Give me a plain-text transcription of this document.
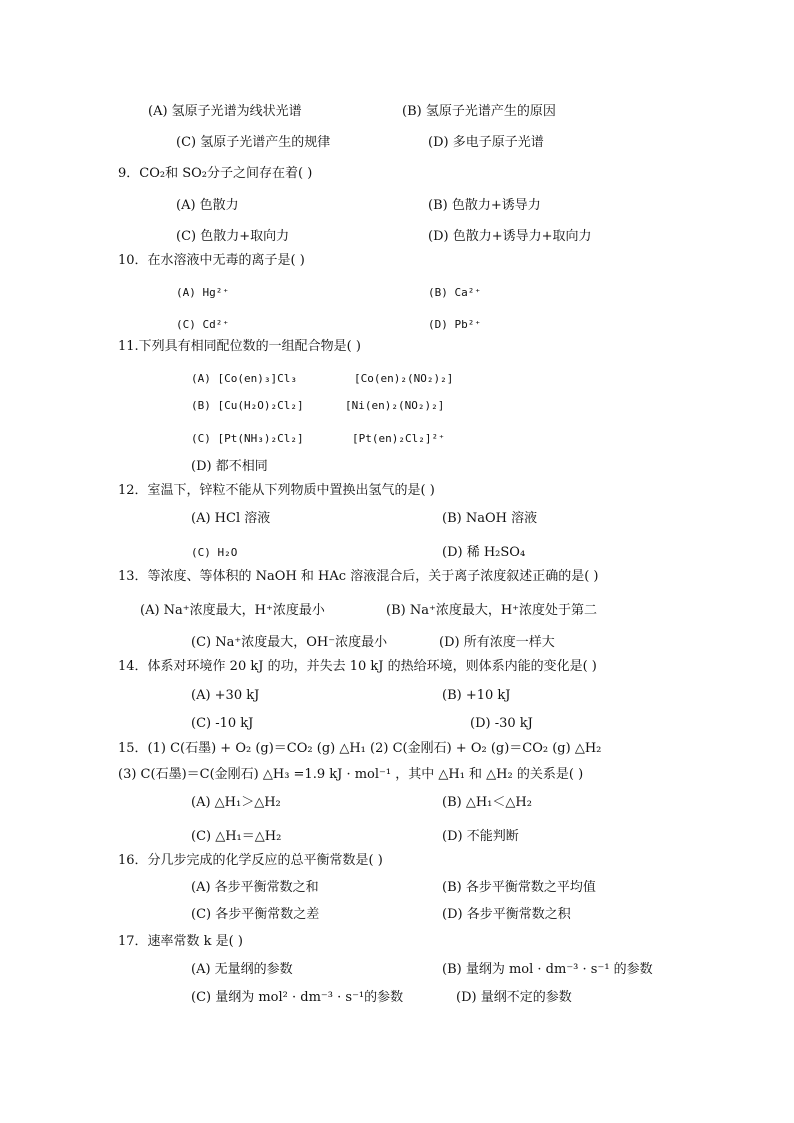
(A) 氢原子光谱为线状光谱	(B) 氢原子光谱产生的原因
(C) 氢原子光谱产生的规律	(D) 多电子原子光谱
9．CO₂和 SO₂分子之间存在着( )
(A) 色散力	(B) 色散力+诱导力
(C) 色散力+取向力	(D) 色散力+诱导力+取向力
10．在水溶液中无毒的离子是( )
(A) Hg²⁺	(B) Ca²⁺
(C) Cd²⁺	(D) Pb²⁺
11.下列具有相同配位数的一组配合物是( )
(A) [Co(en)₃]Cl₃	[Co(en)₂(NO₂)₂]
(B) [Cu(H₂O)₂Cl₂]	[Ni(en)₂(NO₂)₂]
(C) [Pt(NH₃)₂Cl₂]	[Pt(en)₂Cl₂]²⁺
(D) 都不相同
12．室温下，锌粒不能从下列物质中置换出氢气的是( )
(A) HCl 溶液	(B) NaOH 溶液
(C) H₂O	(D) 稀 H₂SO₄
13．等浓度、等体积的 NaOH 和 HAc 溶液混合后，关于离子浓度叙述正确的是( )
(A) Na⁺浓度最大，H⁺浓度最小	(B) Na⁺浓度最大，H⁺浓度处于第二
(C) Na⁺浓度最大，OH⁻浓度最小	(D) 所有浓度一样大
14．体系对环境作 20 kJ 的功，并失去 10 kJ 的热给环境，则体系内能的变化是( )
(A) +30 kJ	(B) +10 kJ
(C) -10 kJ	(D) -30 kJ
15．(1) C(石墨) + O₂ (g)＝CO₂ (g) △H₁ (2) C(金刚石) + O₂ (g)＝CO₂ (g) △H₂
(3) C(石墨)＝C(金刚石) △H₃ =1.9 kJ · mol⁻¹ ，其中 △H₁ 和 △H₂ 的关系是( )
(A) △H₁＞△H₂	(B) △H₁＜△H₂
(C) △H₁＝△H₂	(D) 不能判断
16．分几步完成的化学反应的总平衡常数是( )
(A) 各步平衡常数之和	(B) 各步平衡常数之平均值
(C) 各步平衡常数之差	(D) 各步平衡常数之积
17．速率常数 k 是( )
(A) 无量纲的参数	(B) 量纲为 mol · dm⁻³ · s⁻¹ 的参数
(C) 量纲为 mol² · dm⁻³ · s⁻¹的参数	(D) 量纲不定的参数
